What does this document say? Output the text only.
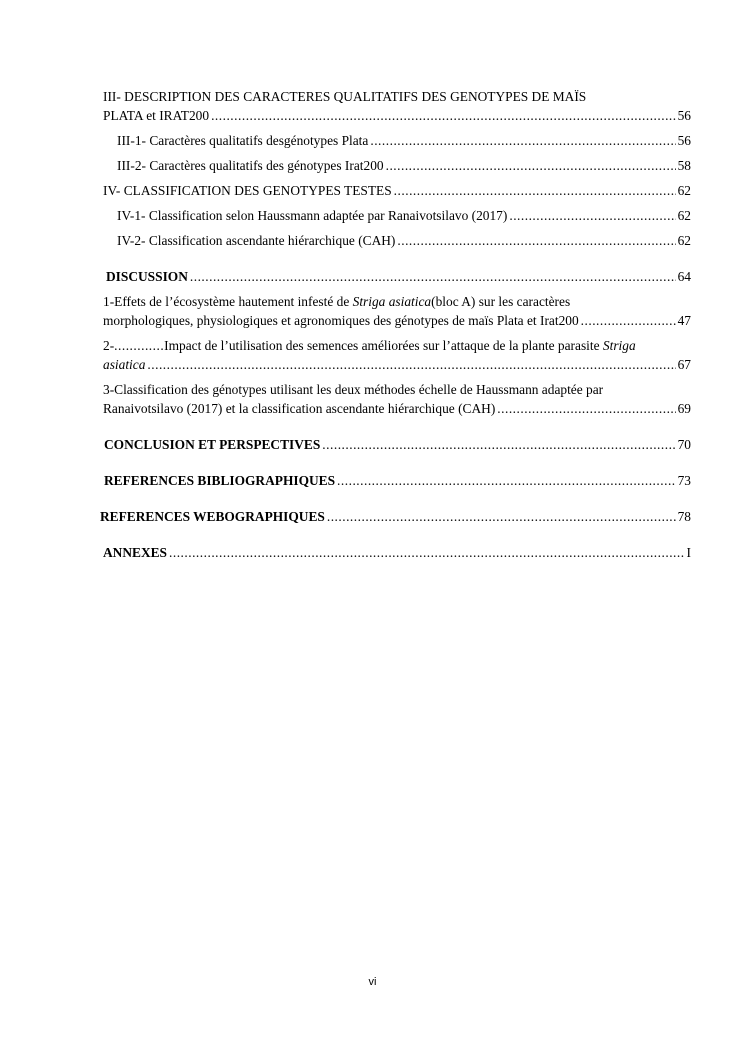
III- DESCRIPTION DES CARACTERES QUALITATIFS DES GENOTYPES DE MAÏS
PLATA et IRAT200 .....	56
III-1- Caractères qualitatifs desgénotypes Plata .....	56
III-2- Caractères qualitatifs des génotypes Irat200 .....	58
IV- CLASSIFICATION DES GENOTYPES TESTES .....	62
IV-1- Classification selon Haussmann adaptée par Ranaivotsilavo (2017) .....	62
IV-2- Classification ascendante hiérarchique (CAH) .....	62
DISCUSSION .....	64
1-Effets de l’écosystème hautement infesté de Striga asiatica(bloc A) sur les caractères
morphologiques, physiologiques et agronomiques des génotypes de maïs Plata et Irat200 .....	47
2- .....	Impact de l’utilisation des semences améliorées sur l’attaque de la plante parasite Striga
asiatica .....	67
3-Classification des génotypes utilisant les deux méthodes échelle de Haussmann adaptée par
Ranaivotsilavo (2017) et la classification ascendante hiérarchique (CAH) .....	69
CONCLUSION ET PERSPECTIVES .....	70
REFERENCES BIBLIOGRAPHIQUES .....	73
REFERENCES WEBOGRAPHIQUES .....	78
ANNEXES .....	I
vi
